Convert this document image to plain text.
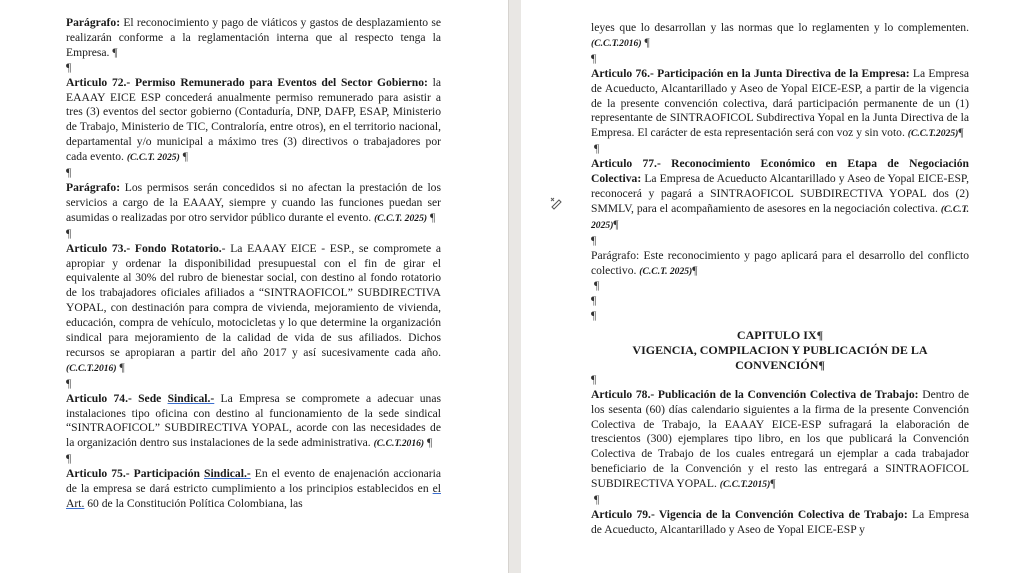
Parágrafo: El reconocimiento y pago de viáticos y gastos de desplazamiento se realizarán conforme a la reglamentación interna que al respecto tenga la Empresa. ¶

¶

Articulo 72.- Permiso Remunerado para Eventos del Sector Gobierno: la EAAAY EICE ESP concederá anualmente permiso remunerado para asistir a tres (3) eventos del sector gobierno (Contaduría, DNP, DAFP, ESAP, Ministerio de Trabajo, Ministerio de TIC, Contraloría, entre otros), en el territorio nacional, departamental y/o municipal a máximo tres (3) directivos o trabajadores por cada evento. (C.C.T. 2025) ¶

¶

Parágrafo: Los permisos serán concedidos si no afectan la prestación de los servicios a cargo de la EAAAY, siempre y cuando las funciones puedan ser asumidas o realizadas por otro servidor público durante el evento. (C.C.T. 2025) ¶

¶

Articulo 73.- Fondo Rotatorio.- La EAAAY EICE - ESP., se compromete a apropiar y ordenar la disponibilidad presupuestal con el fin de girar el equivalente al 30% del rubro de bienestar social, con destino al fondo rotatorio de los trabajadores oficiales afiliados a “SINTRAOFICOL” SUBDIRECTIVA YOPAL, con destinación para compra de vivienda, mejoramiento de vivienda, educación, compra de vehículo, motocicletas y lo que determine la organización sindical para mejoramiento de la calidad de vida de sus afiliados. Dichos recursos se apropiaran a partir del año 2017 y así sucesivamente cada año. (C.C.T.2016) ¶

¶

Articulo 74.- Sede Sindical.- La Empresa se compromete a adecuar unas instalaciones tipo oficina con destino al funcionamiento de la sede sindical “SINTRAOFICOL” SUBDIRECTIVA YOPAL, acorde con las necesidades de la organización dentro sus instalaciones de la sede administrativa. (C.C.T.2016) ¶

¶

Articulo 75.- Participación Sindical.- En el evento de enajenación accionaria de la empresa se dará estricto cumplimiento a los principios establecidos en el Art. 60 de la Constitución Política Colombiana, las

leyes que lo desarrollan y las normas que lo reglamenten y lo complementen. (C.C.T.2016) ¶

¶

Articulo 76.- Participación en la Junta Directiva de la Empresa: La Empresa de Acueducto, Alcantarillado y Aseo de Yopal EICE-ESP, a partir de la vigencia de la presente convención colectiva, dará participación permanente de un (1) representante de SINTRAOFICOL Subdirectiva Yopal en la Junta Directiva de la Empresa. El carácter de esta representación será con voz y sin voto. (C.C.T.2025)¶

¶

Articulo 77.- Reconocimiento Económico en Etapa de Negociación Colectiva: La Empresa de Acueducto Alcantarillado y Aseo de Yopal EICE-ESP, reconocerá y pagará a SINTRAOFICOL SUBDIRECTIVA YOPAL dos (2) SMMLV, para el acompañamiento de asesores en la negociación colectiva. (C.C.T. 2025)¶

¶

Parágrafo: Este reconocimiento y pago aplicará para el desarrollo del conflicto colectivo. (C.C.T. 2025)¶

¶

¶

¶

CAPITULO IX¶
VIGENCIA, COMPILACION Y PUBLICACIÓN DE LA CONVENCIÓN¶

¶

Articulo 78.- Publicación de la Convención Colectiva de Trabajo: Dentro de los sesenta (60) días calendario siguientes a la firma de la presente Convención Colectiva de Trabajo, la EAAAY EICE-ESP sufragará la elaboración de trescientos (300) ejemplares tipo libro, en los que publicará la Convención Colectiva de Trabajo de los cuales entregará un ejemplar a cada trabajador beneficiario de la Convención y el resto las entregará a SINTRAOFICOL SUBDIRECTIVA YOPAL. (C.C.T.2015)¶

¶

Articulo 79.- Vigencia de la Convención Colectiva de Trabajo: La Empresa de Acueducto, Alcantarillado y Aseo de Yopal EICE-ESP y
